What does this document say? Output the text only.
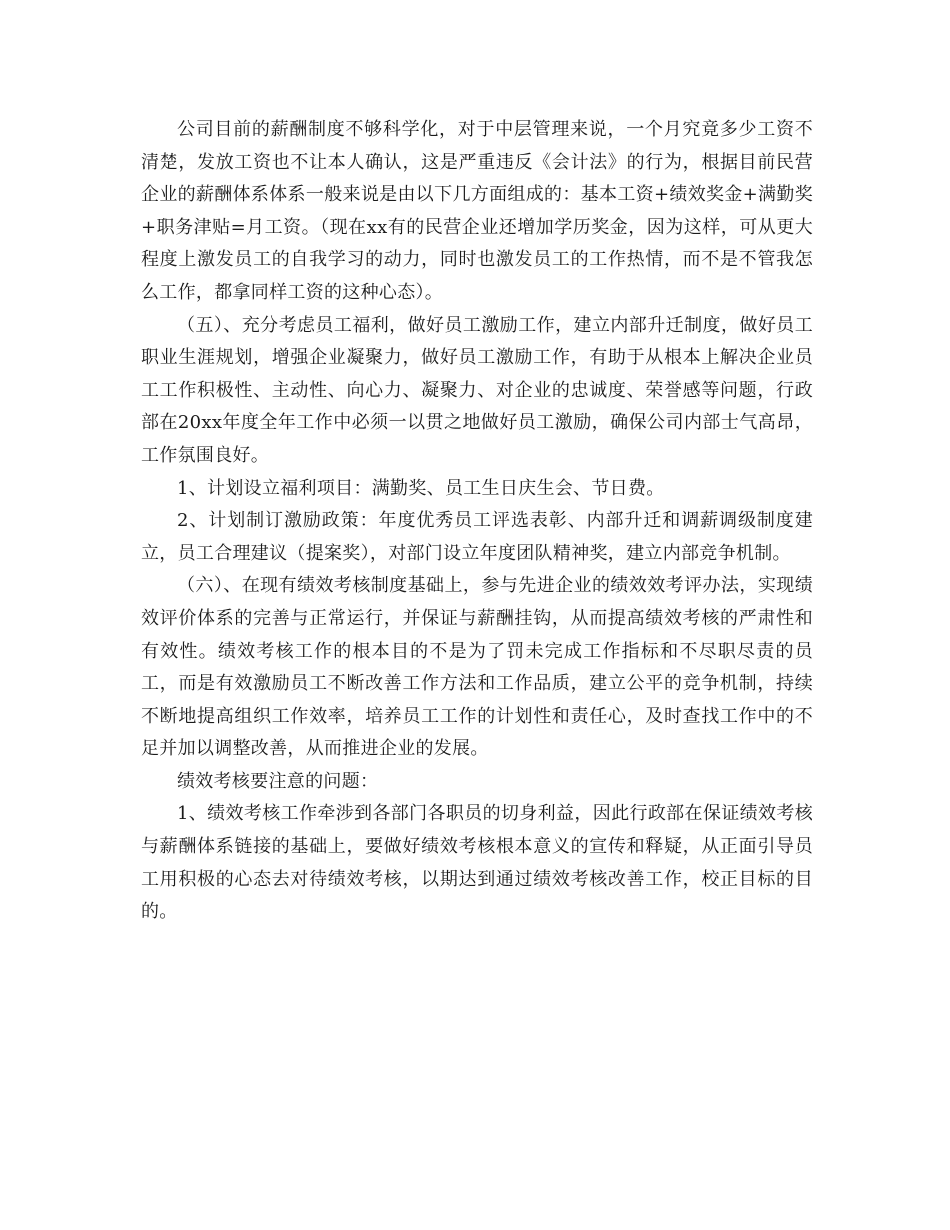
公司目前的薪酬制度不够科学化，对于中层管理来说，一个月究竟多少工资不清楚，发放工资也不让本人确认，这是严重违反《会计法》的行为，根据目前民营企业的薪酬体系体系一般来说是由以下几方面组成的：基本工资+绩效奖金+满勤奖+职务津贴=月工资。（现在xx有的民营企业还增加学历奖金，因为这样，可从更大程度上激发员工的自我学习的动力，同时也激发员工的工作热情，而不是不管我怎么工作，都拿同样工资的这种心态）。

（五）、充分考虑员工福利，做好员工激励工作，建立内部升迁制度，做好员工职业生涯规划，增强企业凝聚力，做好员工激励工作，有助于从根本上解决企业员工工作积极性、主动性、向心力、凝聚力、对企业的忠诚度、荣誉感等问题，行政部在20xx年度全年工作中必须一以贯之地做好员工激励，确保公司内部士气高昂，工作氛围良好。

1、计划设立福利项目：满勤奖、员工生日庆生会、节日费。

2、计划制订激励政策：年度优秀员工评选表彰、内部升迁和调薪调级制度建立，员工合理建议（提案奖），对部门设立年度团队精神奖，建立内部竞争机制。

（六）、在现有绩效考核制度基础上，参与先进企业的绩效效考评办法，实现绩效评价体系的完善与正常运行，并保证与薪酬挂钩，从而提高绩效考核的严肃性和有效性。绩效考核工作的根本目的不是为了罚未完成工作指标和不尽职尽责的员工，而是有效激励员工不断改善工作方法和工作品质，建立公平的竞争机制，持续不断地提高组织工作效率，培养员工工作的计划性和责任心，及时查找工作中的不足并加以调整改善，从而推进企业的发展。

绩效考核要注意的问题：

1、绩效考核工作牵涉到各部门各职员的切身利益，因此行政部在保证绩效考核与薪酬体系链接的基础上，要做好绩效考核根本意义的宣传和释疑，从正面引导员工用积极的心态去对待绩效考核，以期达到通过绩效考核改善工作，校正目标的目的。
